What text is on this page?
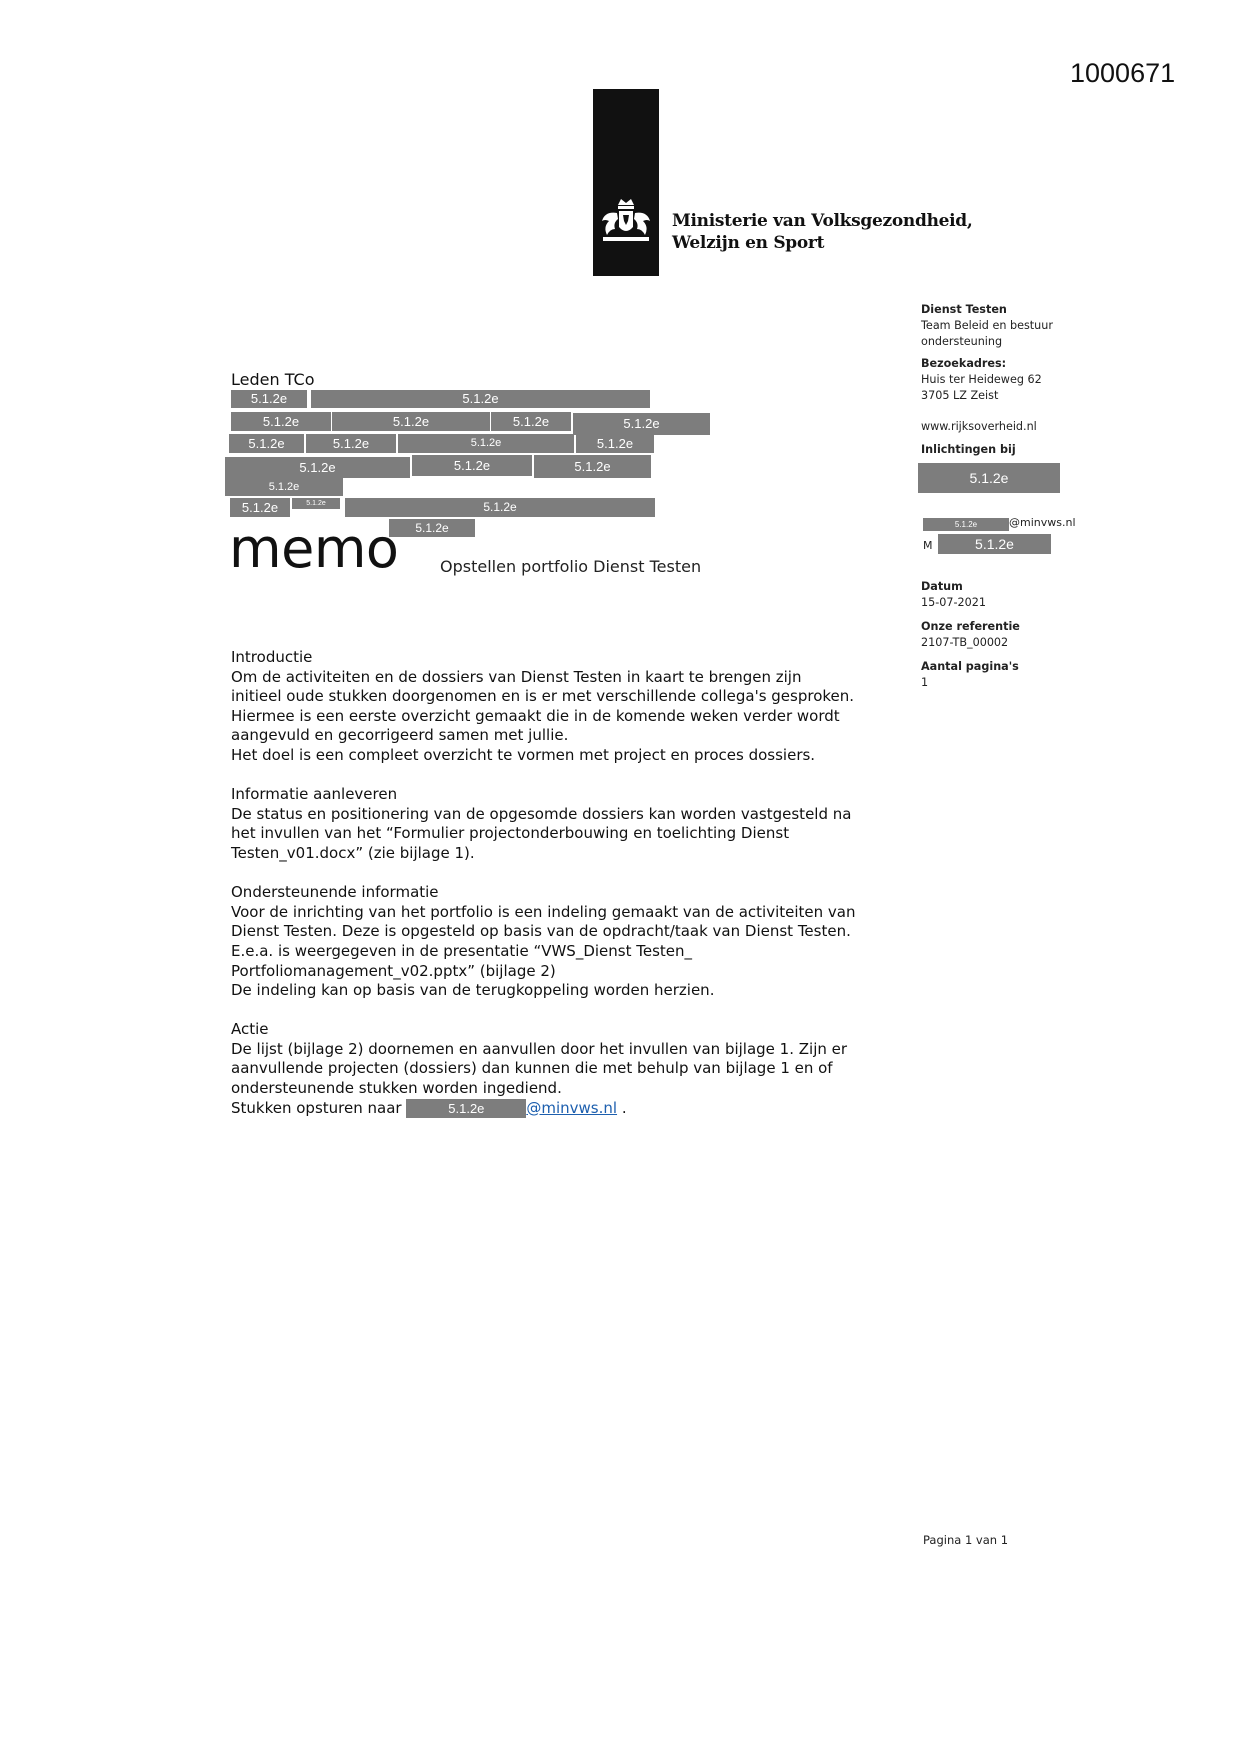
1000671
Ministerie van Volksgezondheid,
Welzijn en Sport
Dienst Testen
Team Beleid en bestuur ondersteuning
Bezoekadres:
Huis ter Heideweg 62
3705 LZ Zeist
www.rijksoverheid.nl
Inlichtingen bij
5.1.2e
5.1.2e	@minvws.nl
M	5.1.2e
Datum
15-07-2021
Onze referentie
2107-TB_00002
Aantal pagina's
1
Leden TCo
5.1.2e	5.1.2e
5.1.2e	5.1.2e	5.1.2e	5.1.2e
5.1.2e	5.1.2e	5.1.2e	5.1.2e
5.1.2e	5.1.2e	5.1.2e
5.1.2e
5.1.2e	5.1.2e	5.1.2e
5.1.2e
memo	Opstellen portfolio Dienst Testen

Introductie

Om de activiteiten en de dossiers van Dienst Testen in kaart te brengen zijn

initieel oude stukken doorgenomen en is er met verschillende collega's gesproken.

Hiermee is een eerste overzicht gemaakt die in de komende weken verder wordt

aangevuld en gecorrigeerd samen met jullie.

Het doel is een compleet overzicht te vormen met project en proces dossiers.

Informatie aanleveren

De status en positionering van de opgesomde dossiers kan worden vastgesteld na

het invullen van het “Formulier projectonderbouwing en toelichting Dienst

Testen_v01.docx” (zie bijlage 1).

Ondersteunende informatie

Voor de inrichting van het portfolio is een indeling gemaakt van de activiteiten van

Dienst Testen. Deze is opgesteld op basis van de opdracht/taak van Dienst Testen.

E.e.a. is weergegeven in de presentatie “VWS_Dienst Testen_

Portfoliomanagement_v02.pptx” (bijlage 2)

De indeling kan op basis van de terugkoppeling worden herzien.

Actie

De lijst (bijlage 2) doornemen en aanvullen door het invullen van bijlage 1. Zijn er

aanvullende projecten (dossiers) dan kunnen die met behulp van bijlage 1 en of

ondersteunende stukken worden ingediend.

Stukken opsturen naar	5.1.2e	@minvws.nl .

Pagina 1 van 1
